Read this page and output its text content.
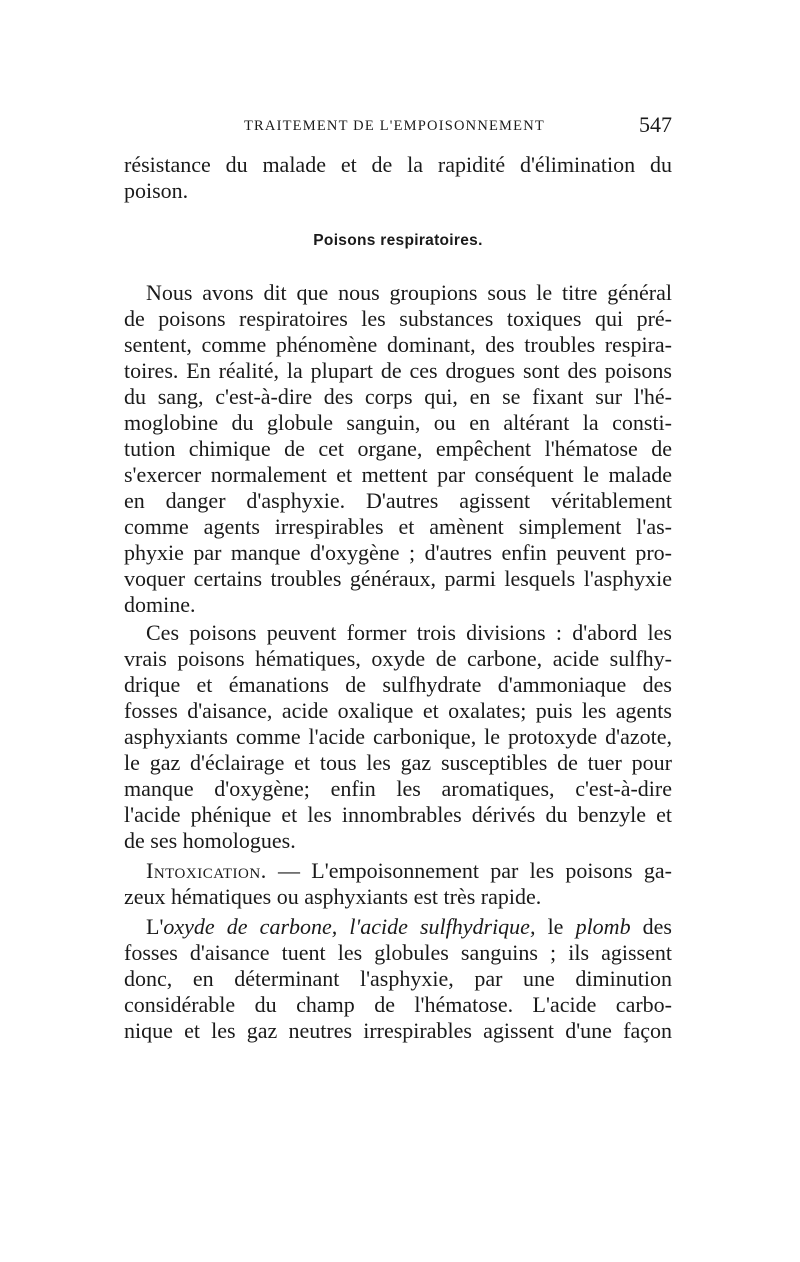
TRAITEMENT DE L'EMPOISONNEMENT	547
résistance du malade et de la rapidité d'élimination du
poison.
Poisons respiratoires.
Nous avons dit que nous groupions sous le titre général
de poisons respiratoires les substances toxiques qui pré-
sentent, comme phénomène dominant, des troubles respira-
toires. En réalité, la plupart de ces drogues sont des poisons
du sang, c'est-à-dire des corps qui, en se fixant sur l'hé-
moglobine du globule sanguin, ou en altérant la consti-
tution chimique de cet organe, empêchent l'hématose de
s'exercer normalement et mettent par conséquent le malade
en danger d'asphyxie. D'autres agissent véritablement
comme agents irrespirables et amènent simplement l'as-
phyxie par manque d'oxygène ; d'autres enfin peuvent pro-
voquer certains troubles généraux, parmi lesquels l'asphyxie
domine.
Ces poisons peuvent former trois divisions : d'abord les
vrais poisons hématiques, oxyde de carbone, acide sulfhy-
drique et émanations de sulfhydrate d'ammoniaque des
fosses d'aisance, acide oxalique et oxalates; puis les agents
asphyxiants comme l'acide carbonique, le protoxyde d'azote,
le gaz d'éclairage et tous les gaz susceptibles de tuer pour
manque d'oxygène; enfin les aromatiques, c'est-à-dire
l'acide phénique et les innombrables dérivés du benzyle et
de ses homologues.
Intoxication. — L'empoisonnement par les poisons ga-
zeux hématiques ou asphyxiants est très rapide.
L'oxyde de carbone, l'acide sulfhydrique, le plomb des
fosses d'aisance tuent les globules sanguins ; ils agissent
donc, en déterminant l'asphyxie, par une diminution
considérable du champ de l'hématose. L'acide carbo-
nique et les gaz neutres irrespirables agissent d'une façon
